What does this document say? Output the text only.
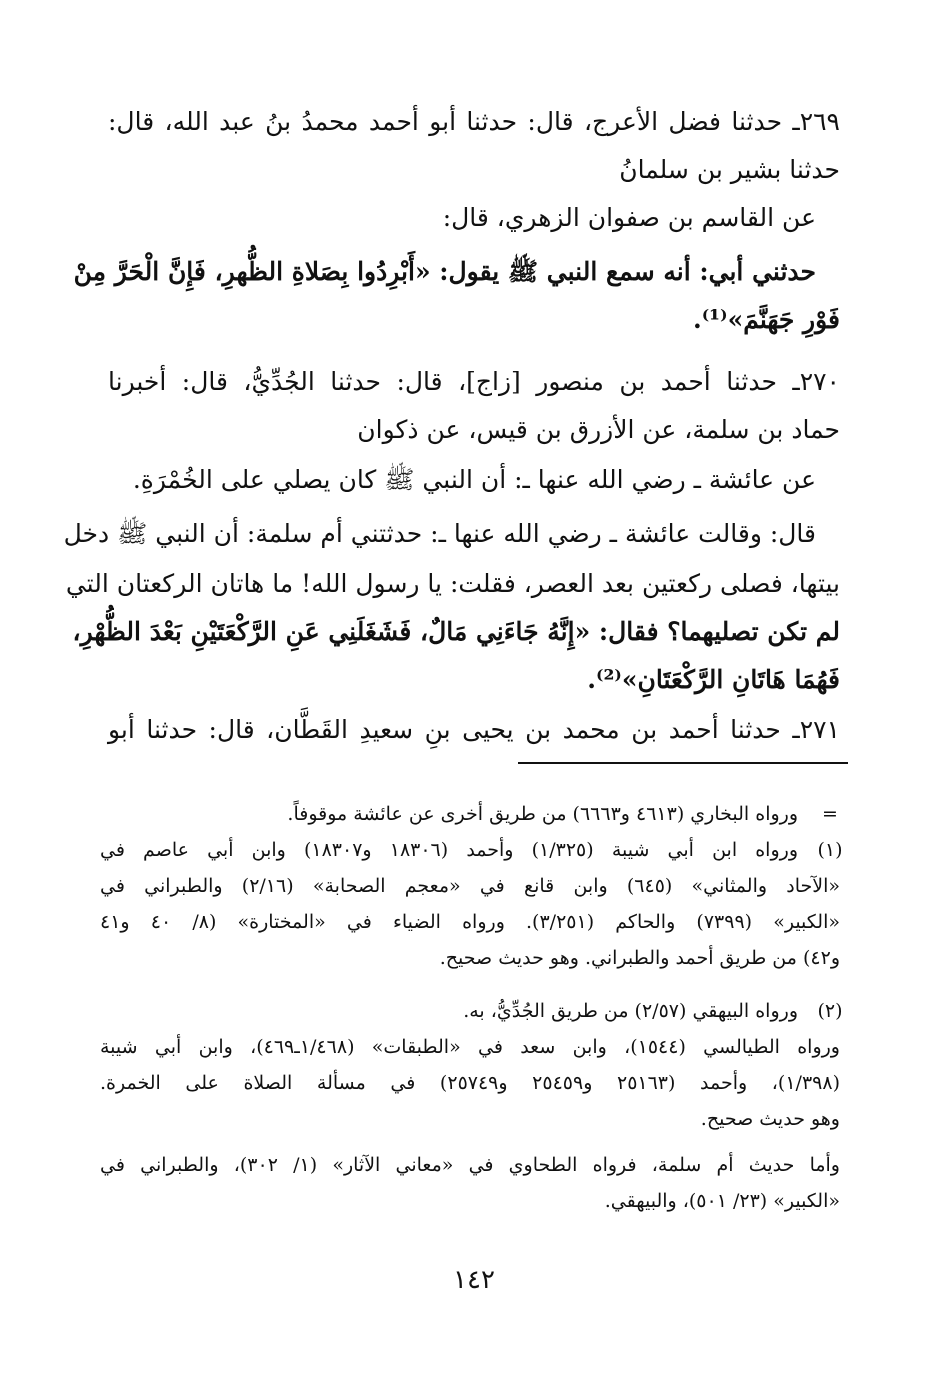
٢٦٩ـ حدثنا فضل الأعرج، قال: حدثنا أبو أحمد محمدُ بنُ عبد الله، قال:
حدثنا بشير بن سلمانُ
عن القاسم بن صفوان الزهري، قال:
حدثني أبي: أنه سمع النبي ﷺ يقول: «أَبْرِدُوا بِصَلاةِ الظُّهرِ، فَإِنَّ الْحَرَّ مِنْ
فَوْرِ جَهَنَّمَ»⁽¹⁾.
٢٧٠ـ حدثنا أحمد بن منصور [زاج]، قال: حدثنا الجُدِّيُّ، قال: أخبرنا
حماد بن سلمة، عن الأزرق بن قيس، عن ذكوان
عن عائشة ـ رضي الله عنها ـ: أن النبي ﷺ كان يصلي على الخُمْرَةِ.
قال: وقالت عائشة ـ رضي الله عنها ـ: حدثتني أم سلمة: أن النبي ﷺ دخل
بيتها، فصلى ركعتين بعد العصر، فقلت: يا رسول الله! ما هاتان الركعتان التي
لم تكن تصليهما؟ فقال: «إِنَّهُ جَاءَنِي مَالٌ، فَشَغَلَنِي عَنِ الرَّكْعَتَيْنِ بَعْدَ الظُّهْرِ،
فَهُمَا هَاتَانِ الرَّكْعَتَانِ»⁽²⁾.
٢٧١ـ حدثنا أحمد بن محمد بن يحيى بنِ سعيدِ القَطَّان، قال: حدثنا أبو
=
ورواه البخاري (٤٦١٣ و٦٦٦٣) من طريق أخرى عن عائشة موقوفاً.
(١)
ورواه ابن أبي شيبة (١/٣٢٥) وأحمد (١٨٣٠٦ و١٨٣٠٧) وابن أبي عاصم في
«الآحاد والمثاني» (٦٤٥) وابن قانع في «معجم الصحابة» (٢/١٦) والطبراني في
«الكبير» (٧٣٩٩) والحاكم (٣/٢٥١). ورواه الضياء في «المختارة» (٨/ ٤٠ و٤١
و٤٢) من طريق أحمد والطبراني. وهو حديث صحيح.
(٢)
ورواه البيهقي (٢/٥٧) من طريق الجُدِّيُّ، به.
ورواه الطيالسي (١٥٤٤)، وابن سعد في «الطبقات» (١/٤٦٨ـ٤٦٩)، وابن أبي شيبة
(١/٣٩٨)، وأحمد (٢٥١٦٣ و٢٥٤٥٩ و٢٥٧٤٩) في مسألة الصلاة على الخمرة.
وهو حديث صحيح.
وأما حديث أم سلمة، فرواه الطحاوي في «معاني الآثار» (١/ ٣٠٢)، والطبراني في
«الكبير» (٢٣/ ٥٠١)، والبيهقي.
١٤٢
